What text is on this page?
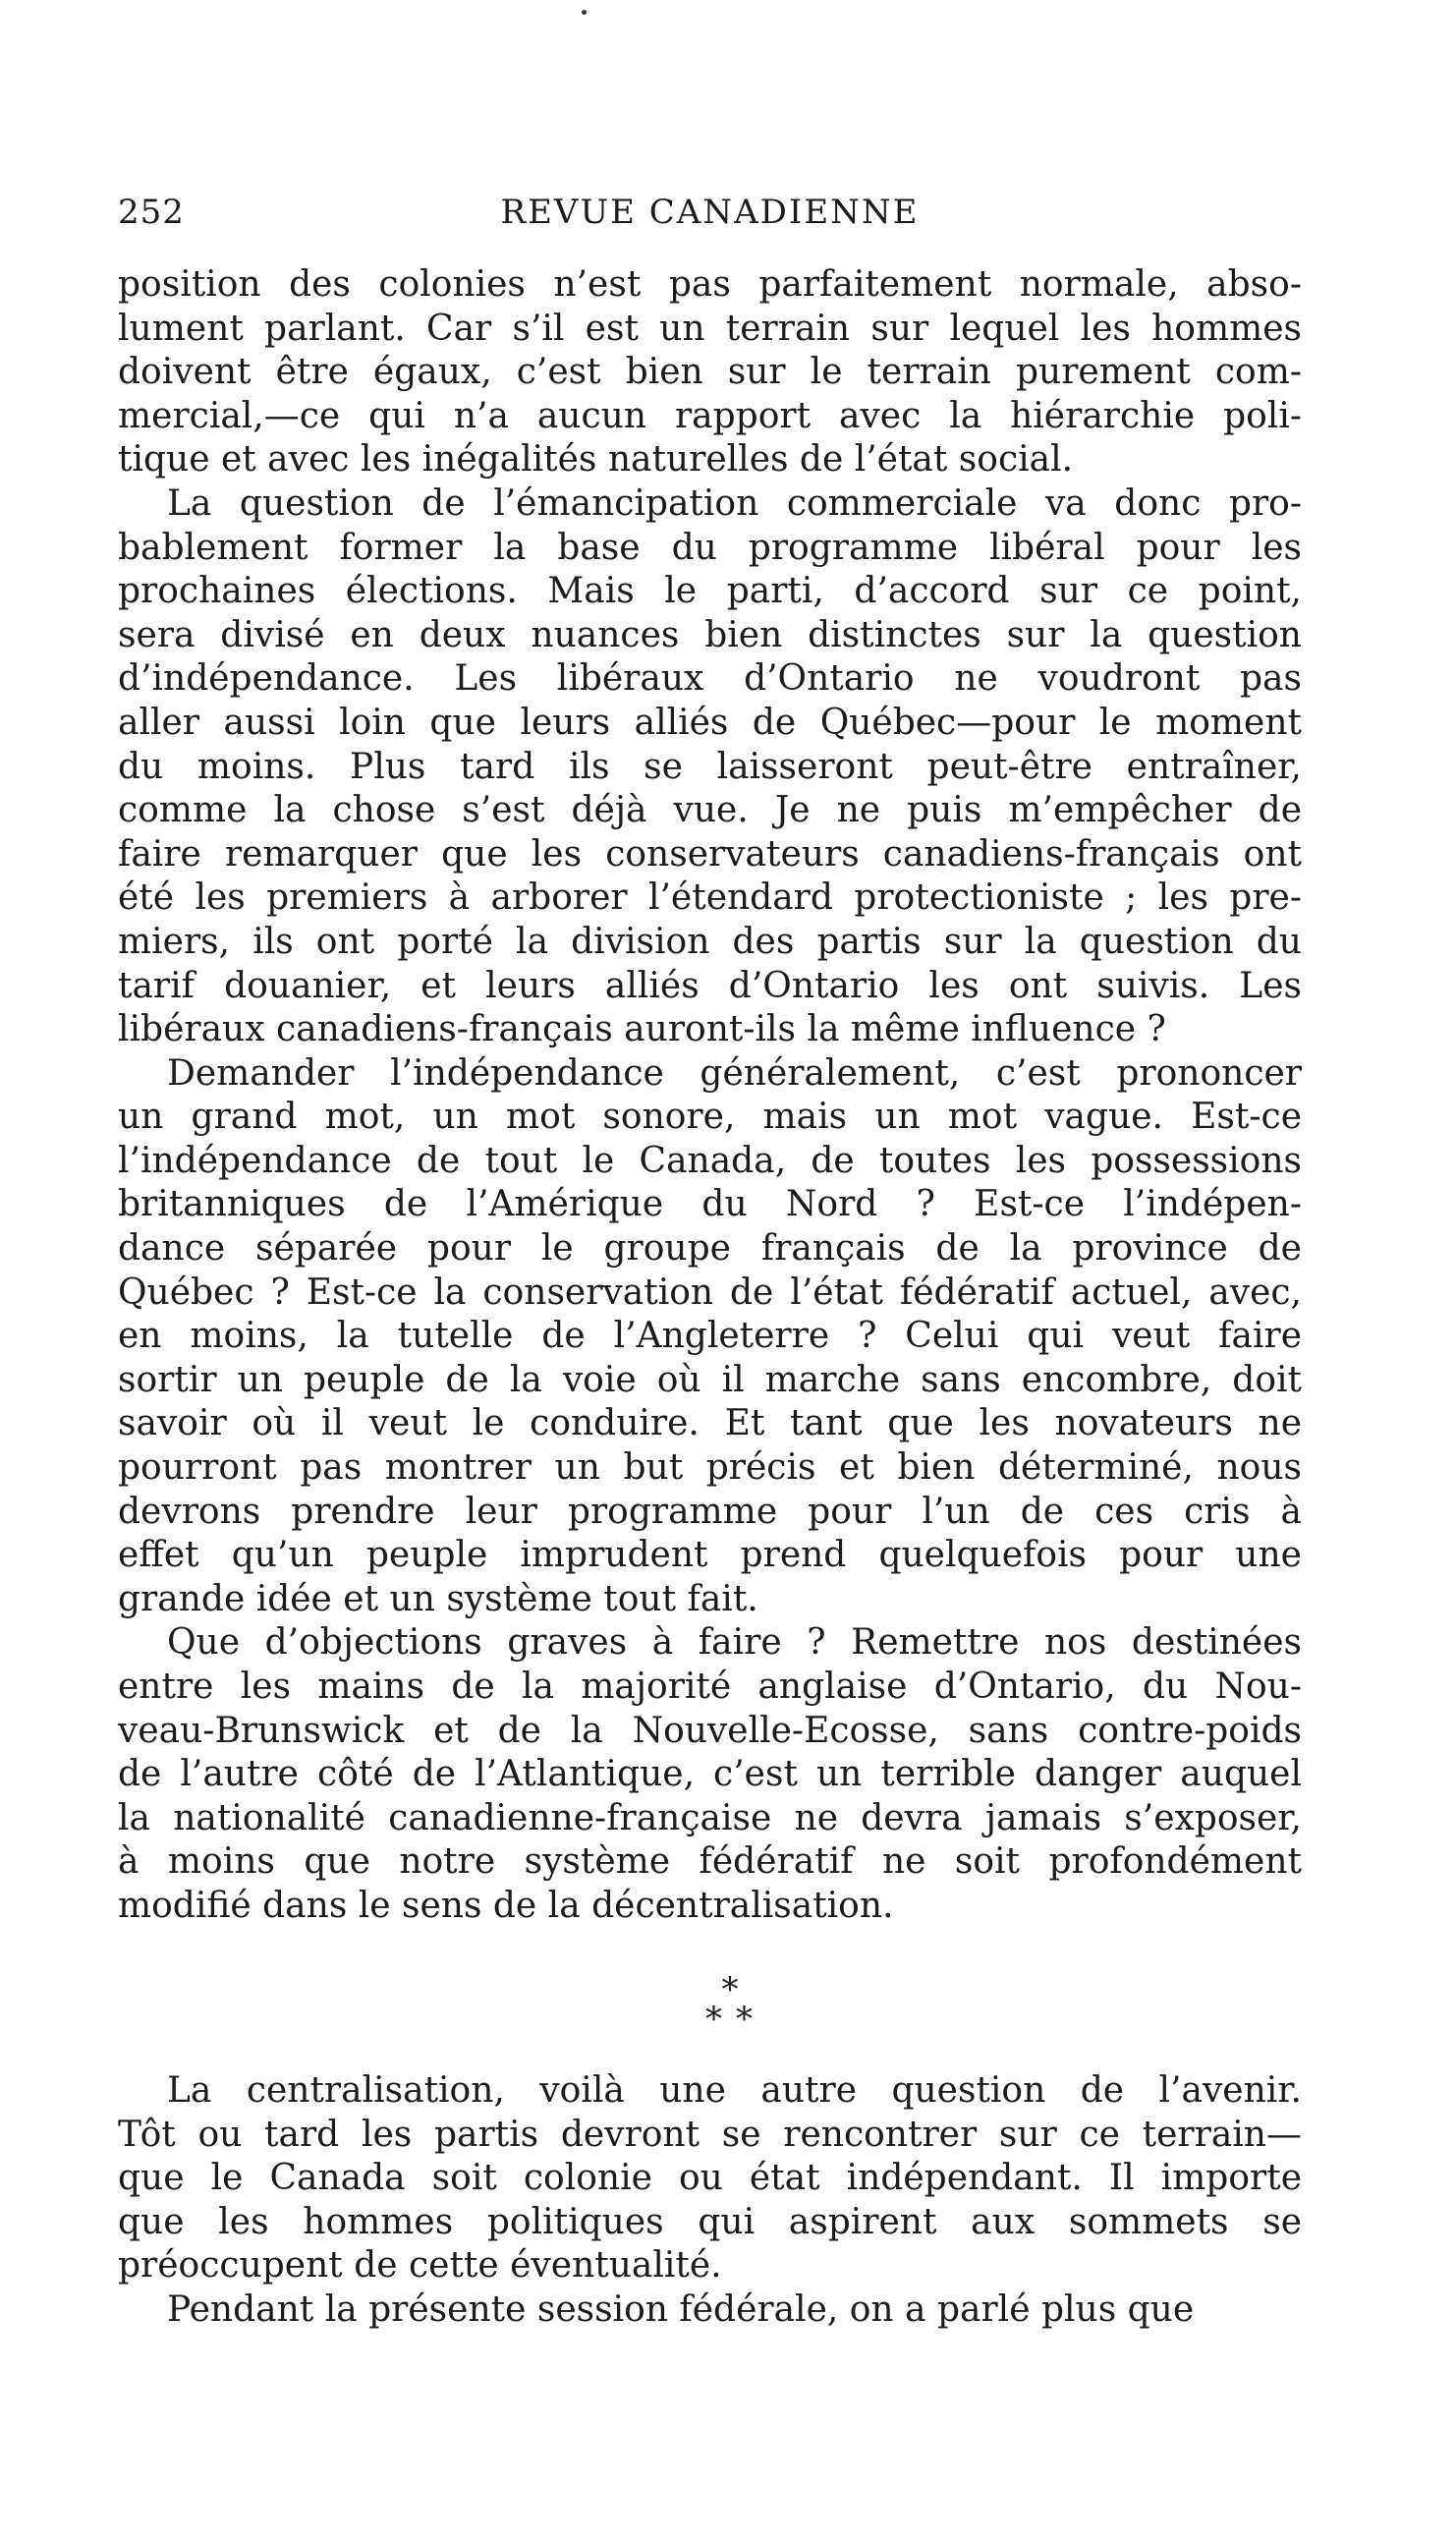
252	REVUE CANADIENNE
position des colonies n’est pas parfaitement normale, abso-
lument parlant. Car s’il est un terrain sur lequel les hommes
doivent être égaux, c’est bien sur le terrain purement com-
mercial,—ce qui n’a aucun rapport avec la hiérarchie poli-
tique et avec les inégalités naturelles de l’état social.
La question de l’émancipation commerciale va donc pro-
bablement former la base du programme libéral pour les
prochaines élections. Mais le parti, d’accord sur ce point,
sera divisé en deux nuances bien distinctes sur la question
d’indépendance. Les libéraux d’Ontario ne voudront pas
aller aussi loin que leurs alliés de Québec—pour le moment
du moins. Plus tard ils se laisseront peut-être entraîner,
comme la chose s’est déjà vue. Je ne puis m’empêcher de
faire remarquer que les conservateurs canadiens-français ont
été les premiers à arborer l’étendard protectioniste ; les pre-
miers, ils ont porté la division des partis sur la question du
tarif douanier, et leurs alliés d’Ontario les ont suivis. Les
libéraux canadiens-français auront-ils la même influence ?
Demander l’indépendance généralement, c’est prononcer
un grand mot, un mot sonore, mais un mot vague. Est-ce
l’indépendance de tout le Canada, de toutes les possessions
britanniques de l’Amérique du Nord ? Est-ce l’indépen-
dance séparée pour le groupe français de la province de
Québec ? Est-ce la conservation de l’état fédératif actuel, avec,
en moins, la tutelle de l’Angleterre ? Celui qui veut faire
sortir un peuple de la voie où il marche sans encombre, doit
savoir où il veut le conduire. Et tant que les novateurs ne
pourront pas montrer un but précis et bien déterminé, nous
devrons prendre leur programme pour l’un de ces cris à
effet qu’un peuple imprudent prend quelquefois pour une
grande idée et un système tout fait.
Que d’objections graves à faire ? Remettre nos destinées
entre les mains de la majorité anglaise d’Ontario, du Nou-
veau-Brunswick et de la Nouvelle-Ecosse, sans contre-poids
de l’autre côté de l’Atlantique, c’est un terrible danger auquel
la nationalité canadienne-française ne devra jamais s’exposer,
à moins que notre système fédératif ne soit profondément
modifié dans le sens de la décentralisation.
*
**
La centralisation, voilà une autre question de l’avenir.
Tôt ou tard les partis devront se rencontrer sur ce terrain—
que le Canada soit colonie ou état indépendant. Il importe
que les hommes politiques qui aspirent aux sommets se
préoccupent de cette éventualité.
Pendant la présente session fédérale, on a parlé plus que
